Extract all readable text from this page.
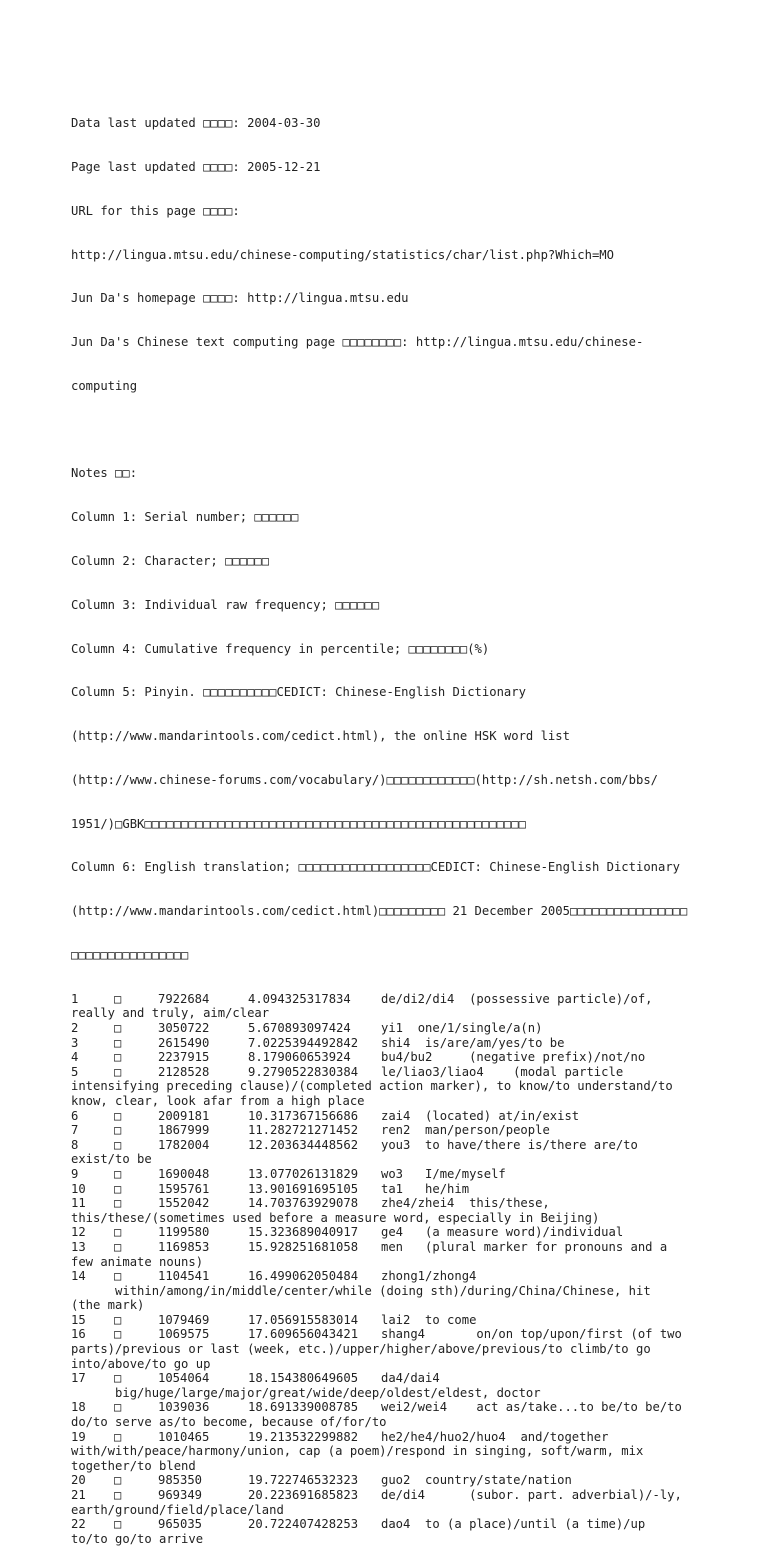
Data last updated □□□□: 2004-03-30

Page last updated □□□□: 2005-12-21

URL for this page □□□□:

http://lingua.mtsu.edu/chinese-computing/statistics/char/list.php?Which=MO

Jun Da's homepage □□□□: http://lingua.mtsu.edu

Jun Da's Chinese text computing page □□□□□□□□: http://lingua.mtsu.edu/chinese-

computing

Notes □□:

Column 1: Serial number; □□□□□□

Column 2: Character; □□□□□□

Column 3: Individual raw frequency; □□□□□□

Column 4: Cumulative frequency in percentile; □□□□□□□□(%)

Column 5: Pinyin. □□□□□□□□□□CEDICT: Chinese-English Dictionary

(http://www.mandarintools.com/cedict.html), the online HSK word list

(http://www.chinese-forums.com/vocabulary/)□□□□□□□□□□□□(http://sh.netsh.com/bbs/

1951/)□GBK□□□□□□□□□□□□□□□□□□□□□□□□□□□□□□□□□□□□□□□□□□□□□□□□□□□□

Column 6: English translation; □□□□□□□□□□□□□□□□□□CEDICT: Chinese-English Dictionary

(http://www.mandarintools.com/cedict.html)□□□□□□□□□ 21 December 2005□□□□□□□□□□□□□□□□

□□□□□□□□□□□□□□□□

1	□	7922684	4.094325317834 de/di2/di4 (possessive particle)/of,
really and truly, aim/clear
2	□	3050722	5.670893097424 yi1 one/1/single/a(n)
3	□	2615490	7.0225394492842 shi4 is/are/am/yes/to be
4	□	2237915	8.179060653924 bu4/bu2     (negative prefix)/not/no
5	□	2128528	9.2790522830384 le/liao3/liao4    (modal particle
intensifying preceding clause)/(completed action marker), to know/to understand/to
know, clear, look afar from a high place
6	□	2009181	10.317367156686 zai4 (located) at/in/exist
7	□	1867999	11.282721271452 ren2 man/person/people
8	□	1782004	12.203634448562 you3 to have/there is/there are/to
exist/to be
9	□	1690048	13.077026131829 wo3   I/me/myself
10 □	1595761	13.901691695105 ta1   he/him
11 □	1552042	14.703763929078 zhe4/zhei4 this/these,
this/these/(sometimes used before a measure word, especially in Beijing)
12 □	1199580	15.323689040917 ge4   (a measure word)/individual
13 □	1169853	15.928251681058 men   (plural marker for pronouns and a
few animate nouns)
14 □	1104541	16.499062050484 zhong1/zhong4
within/among/in/middle/center/while (doing sth)/during/China/Chinese, hit
(the mark)
15 □	1079469	17.056915583014 lai2 to come
16 □	1069575	17.609656043421 shang4       on/on top/upon/first (of two
parts)/previous or last (week, etc.)/upper/higher/above/previous/to climb/to go
into/above/to go up
17 □	1054064	18.154380649605 da4/dai4
big/huge/large/major/great/wide/deep/oldest/eldest, doctor
18 □	1039036	18.691339008785 wei2/wei4    act as/take...to be/to be/to
do/to serve as/to become, because of/for/to
19 □	1010465	19.213532299882 he2/he4/huo2/huo4 and/together
with/with/peace/harmony/union, cap (a poem)/respond in singing, soft/warm, mix
together/to blend
20 □	985350	19.722746532323 guo2 country/state/nation
21 □	969349	20.223691685823 de/di4      (subor. part. adverbial)/-ly,
earth/ground/field/place/land
22 □	965035	20.722407428253 dao4 to (a place)/until (a time)/up
to/to go/to arrive
